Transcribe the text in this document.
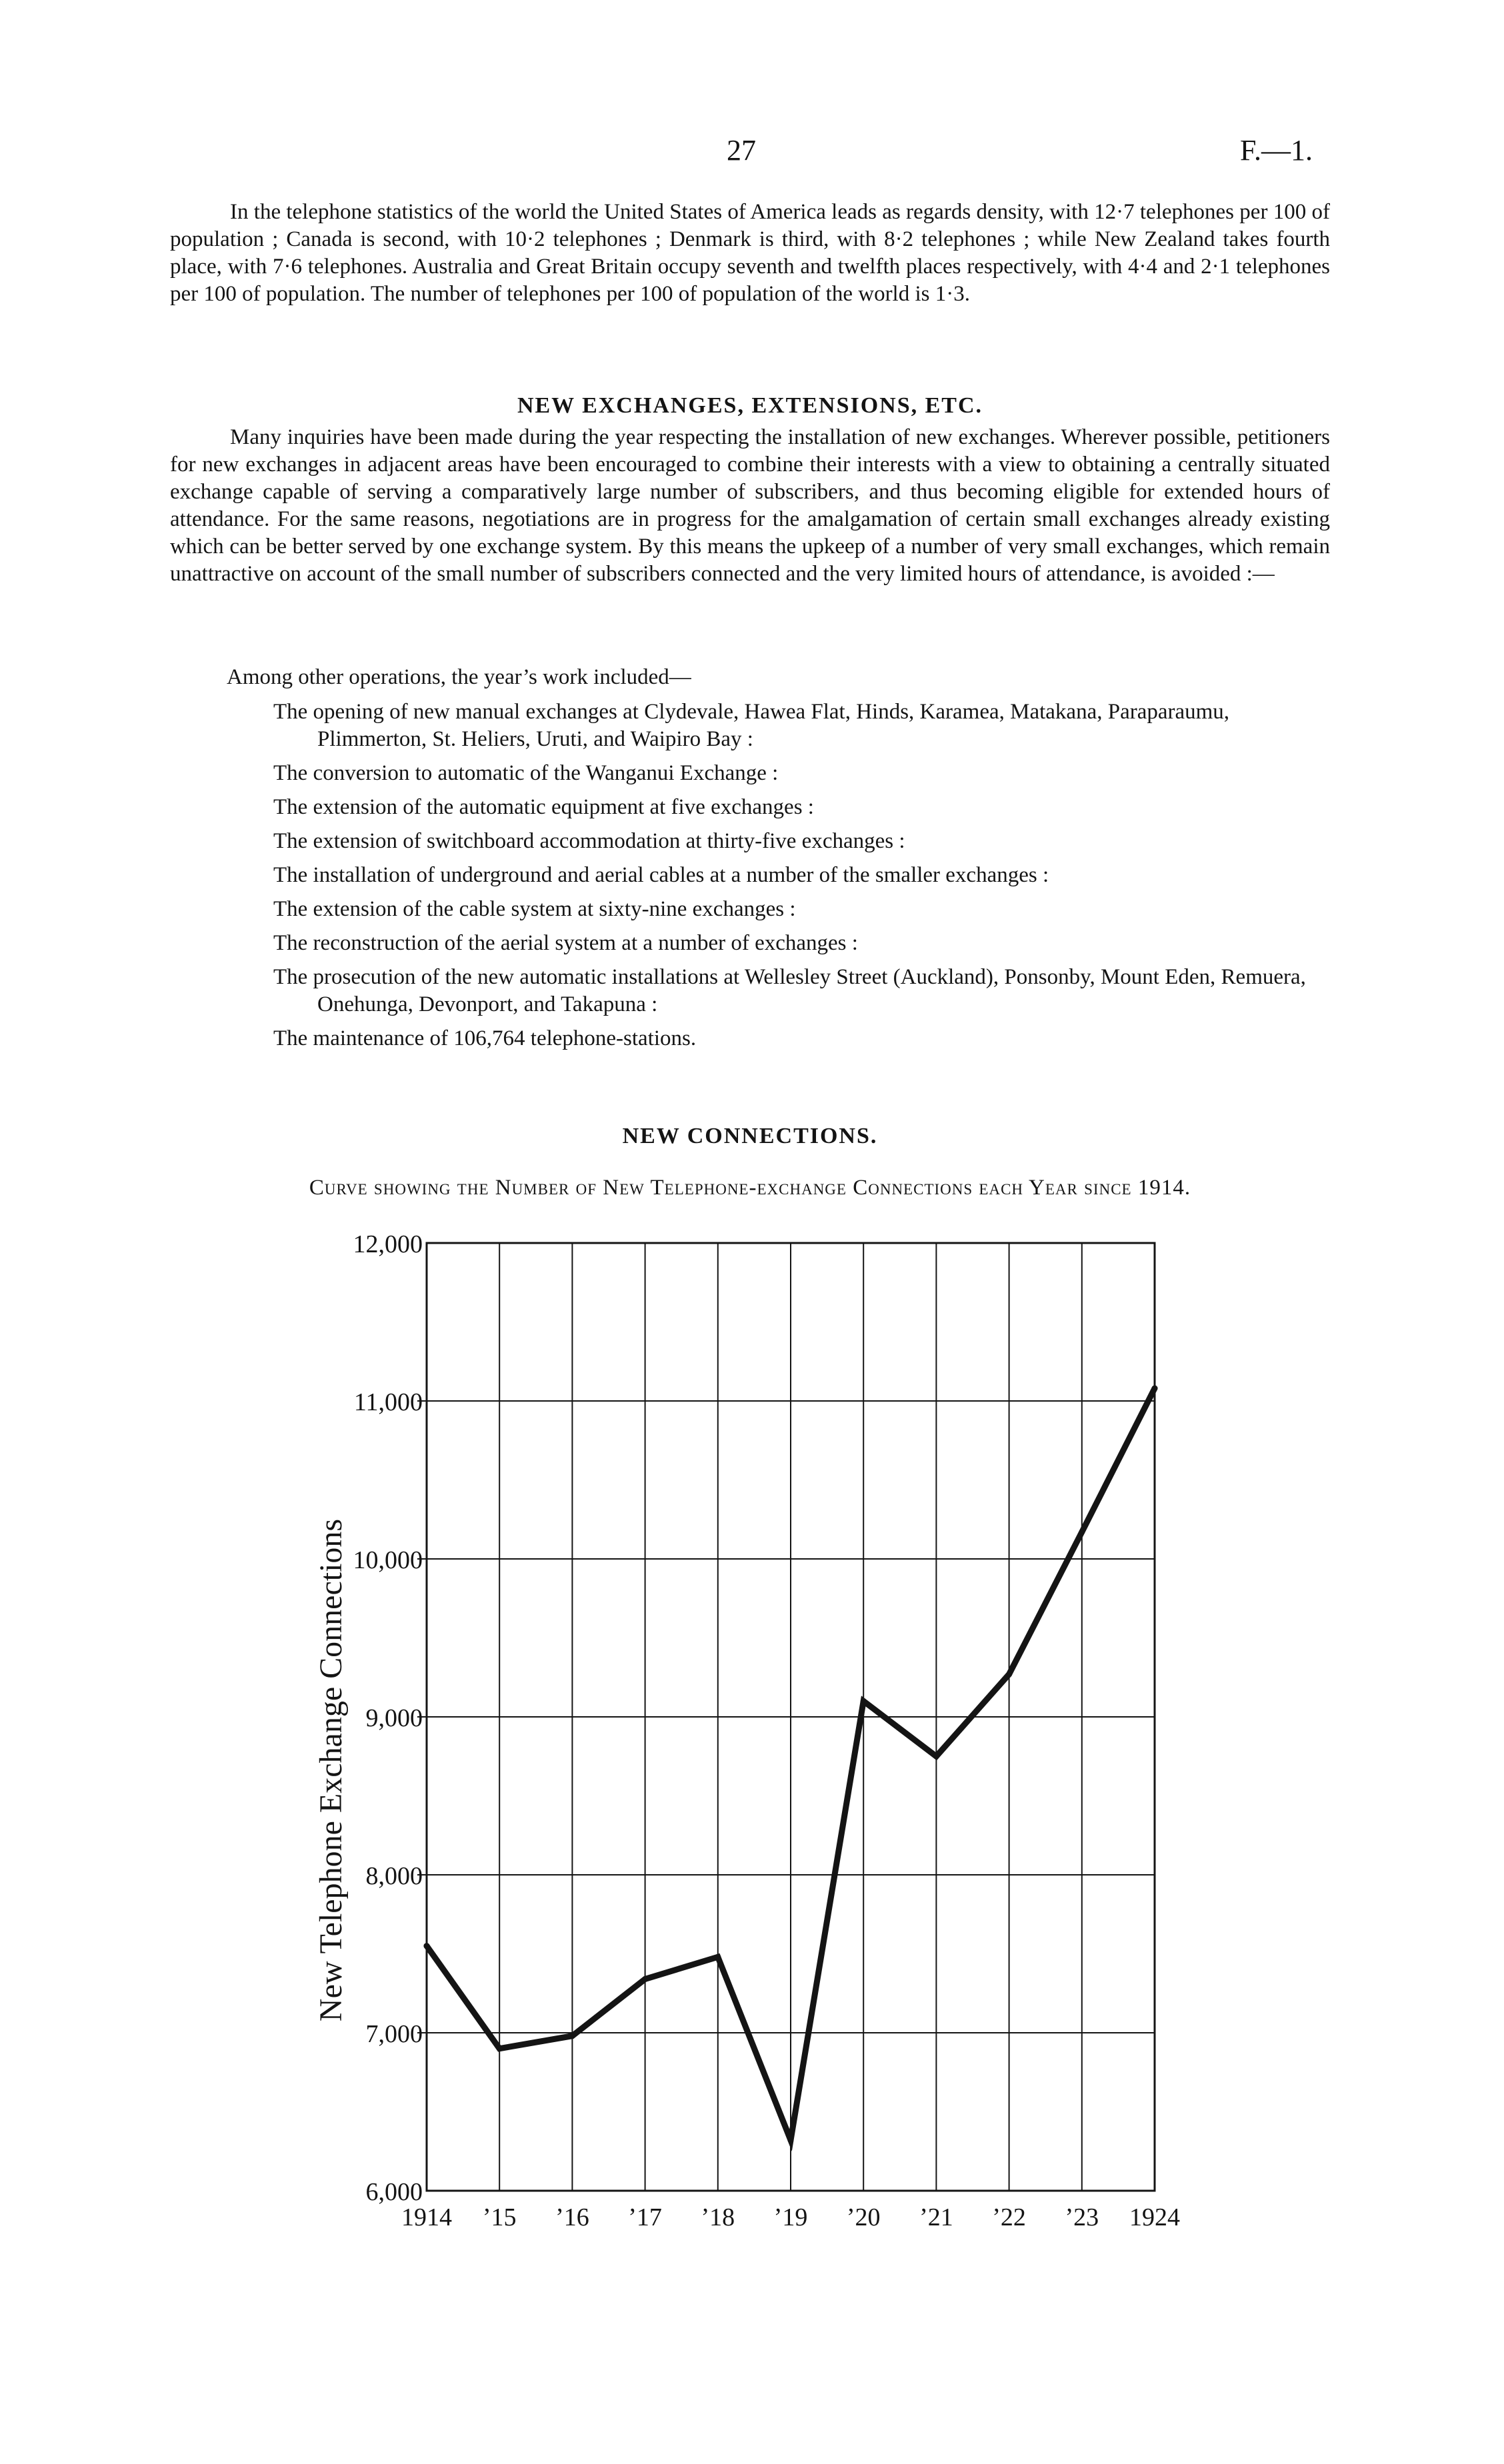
27	F.—1.

In the telephone statistics of the world the United States of America leads as regards density, with 12·7 telephones per 100 of population ; Canada is second, with 10·2 telephones ; Denmark is third, with 8·2 telephones ; while New Zealand takes fourth place, with 7·6 telephones. Australia and Great Britain occupy seventh and twelfth places respectively, with 4·4 and 2·1 telephones per 100 of population. The number of telephones per 100 of population of the world is 1·3.

NEW EXCHANGES, EXTENSIONS, ETC.

Many inquiries have been made during the year respecting the installation of new exchanges. Wherever possible, petitioners for new exchanges in adjacent areas have been encouraged to combine their interests with a view to obtaining a centrally situated exchange capable of serving a comparatively large number of subscribers, and thus becoming eligible for extended hours of attendance. For the same reasons, negotiations are in progress for the amalgamation of certain small exchanges already existing which can be better served by one exchange system. By this means the upkeep of a number of very small exchanges, which remain unattractive on account of the small number of subscribers connected and the very limited hours of attendance, is avoided :—

Among other operations, the year’s work included—

The opening of new manual exchanges at Clydevale, Hawea Flat, Hinds, Karamea, Matakana, Paraparaumu, Plimmerton, St. Heliers, Uruti, and Waipiro Bay :
The conversion to automatic of the Wanganui Exchange :
The extension of the automatic equipment at five exchanges :
The extension of switchboard accommodation at thirty-five exchanges :
The installation of underground and aerial cables at a number of the smaller exchanges :
The extension of the cable system at sixty-nine exchanges :
The reconstruction of the aerial system at a number of exchanges :
The prosecution of the new automatic installations at Wellesley Street (Auckland), Ponsonby, Mount Eden, Remuera, Onehunga, Devonport, and Takapuna :
The maintenance of 106,764 telephone-stations.
NEW CONNECTIONS.

Curve showing the Number of New Telephone-exchange Connections each Year since 1914.

6,000
7,000
8,000
9,000
10,000
11,000
12,000
1914 ’15 ’16 ’17 ’18 ’19 ’20 ’21 ’22 ’23 1924
New Telephone Exchange Connections
